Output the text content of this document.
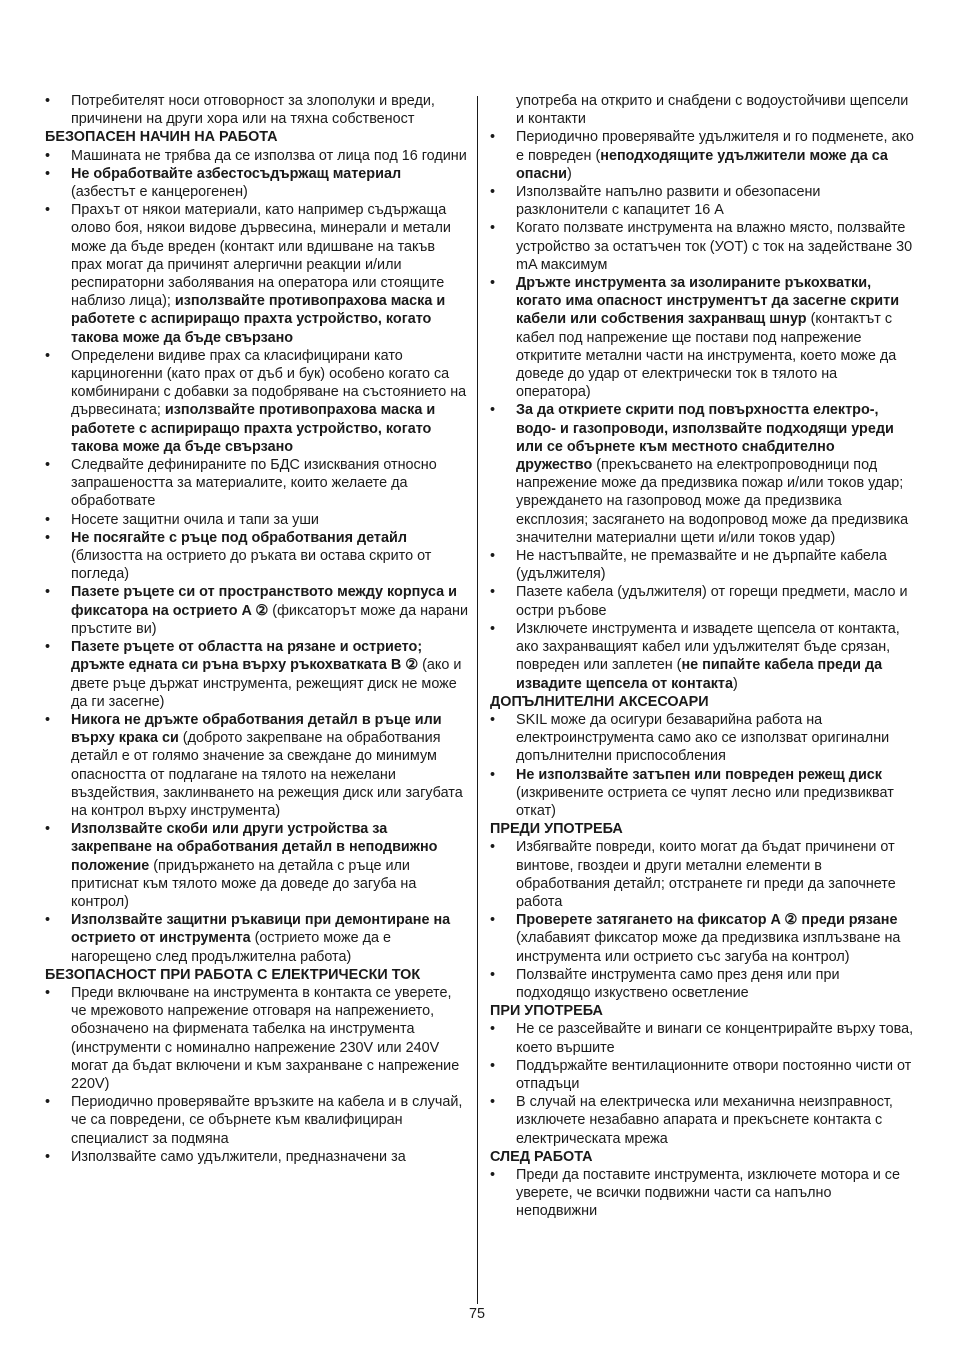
• Потребителят носи отговорност за злополуки и вреди, причинени на други хора или на тяхна собственост
БЕЗОПАСЕН НАЧИН НА РАБОТА
• Машината не трябва да се използва от лица под 16 години
• Не обработвайте азбестосъдържащ материал (азбестът е канцерогенен)
• Прахът от някои материали, като например съдържаща олово боя, някои видове дървесина, минерали и метали може да бъде вреден (контакт или вдишване на такъв прах могат да причинят алергични реакции и/или респираторни заболявания на оператора или стоящите наблизо лица); използвайте противопрахова маска и работете с аспириращо прахта устройство, когато такова може да бъде свързано
• Определени видиве прах са класифицирани като карциногенни (като прах от дъб и бук) особено когато са комбинирани с добавки за подобряване на състоянието на дървесината; използвайте противопрахова маска и работете с аспириращо прахта устройство, когато такова може да бъде свързано
• Следвайте дефинираните по БДС изисквания относно запрашеността за материалите, които желаете да обработвате
• Носете защитни очила и тапи за уши
• Не посягайте с ръце под обработвания детайл (близостта на острието до ръката ви остава скрито от погледа)
• Пазете ръцете си от пространството между корпуса и фиксатора на острието A ② (фиксаторът може да нарани пръстите ви)
• Пазете ръцете от областта на рязане и острието; дръжте едната си ръна върху ръкохватката B ② (ако и двете ръце държат инструмента, режещият диск не може да ги засегне)
• Никога не дръжте обработвания детайл в ръце или върху крака си (доброто закрепване на обработвания детайл е от голямо значение за свеждане до минимум опасността от подлагане на тялото на нежелани въздействия, заклинването на режещия диск или загубата на контрол върху инструмента)
• Използвайте скоби или други устройства за закрепване на обработвания детайл в неподвижно положение (придържането на детайла с ръце или притиснат към тялото може да доведе до загуба на контрол)
• Използвайте защитни ръкавици при демонтиране на острието от инструмента (острието може да е нагорещено след продължителна работа)
БЕЗОПАСНОСТ ПРИ РАБОТА С ЕЛЕКТРИЧЕСКИ ТОК
• Преди включване на инструмента в контакта се уверете, че мрежовото напрежение отговаря на напрежението, обозначено на фирмената табелка на инструмента (инструменти с номинално напрежение 230V или 240V могат да бъдат включени и към захранване с напрежение 220V)
• Периодично проверявайте връзките на кабела и в случай, че са повредени, се обърнете към квалифициран специалист за подмяна
• Използвайте само удължители, предназначени за
употреба на открито и снабдени с водоустойчиви щепсели и контакти
• Периодично проверявайте удължителя и го подменете, ако е повреден (неподходящите удължители може да са опасни)
• Използвайте напълно развити и обезопасени разклонители с капацитет 16 А
• Когато ползвате инструмента на влажно място, ползвайте устройство за остатъчен ток (УОТ) с ток на задействане 30 mA максимум
• Дръжте инструмента за изолираните ръкохватки, когато има опасност инструментът да засегне скрити кабели или собствения захранващ шнур (контактът с кабел под напрежение ще постави под напрежение откритите метални части на инструмента, което може да доведе до удар от електрически ток в тялото на оператора)
• За да откриете скрити под повърхността електро-, водо- и газопроводи, използвайте подходящи уреди или се обърнете към местното снабдително дружество (прекъсването на електропроводници под напрежение може да предизвика пожар и/или токов удар; увреждането на газопровод може да предизвика експлозия; засягането на водопровод може да предизвика значителни материални щети и/или токов удар)
• Не настъпвайте, не премазвайте и не дърпайте кабела (удължителя)
• Пазете кабела (удължителя) от горещи предмети, масло и остри ръбове
• Изключете инструмента и извадете щепсела от контакта, ако захранващият кабел или удължителят бъде срязан, повреден или заплетен (не пипайте кабела преди да извадите щепсела от контакта)
ДОПЪЛНИТЕЛНИ АКСЕСОАРИ
• SKIL може да осигури безаварийна работа на електроинструмента само ако се използват оригинални допълнителни приспособления
• Не използвайте затъпен или повреден режещ диск (изкривените остриета се чупят лесно или предизвикват откат)
ПРЕДИ УПОТРЕБА
• Избягвайте повреди, които могат да бъдат причинени от винтове, гвоздеи и други метални елементи в обработвания детайл; отстранете ги преди да започнете работа
• Проверете затягането на фиксатор A ② преди рязане (хлабавият фиксатор може да предизвика изплъзване на инструмента или острието със загуба на контрол)
• Ползвайте инструмента само през деня или при подходящо изкуствено осветление
ПРИ УПОТРЕБА
• Не се разсейвайте и винаги се концентрирайте върху това, което вършите
• Поддържайте вентилационните отвори постоянно чисти от отпадъци
• В случай на електрическа или механична неизправност, изключете незабавно апарата и прекъснете контакта с електрическата мрежа
СЛЕД РАБОТА
• Преди да поставите инструмента, изключете мотора и се уверете, че всички подвижни части са напълно неподвижни
75
